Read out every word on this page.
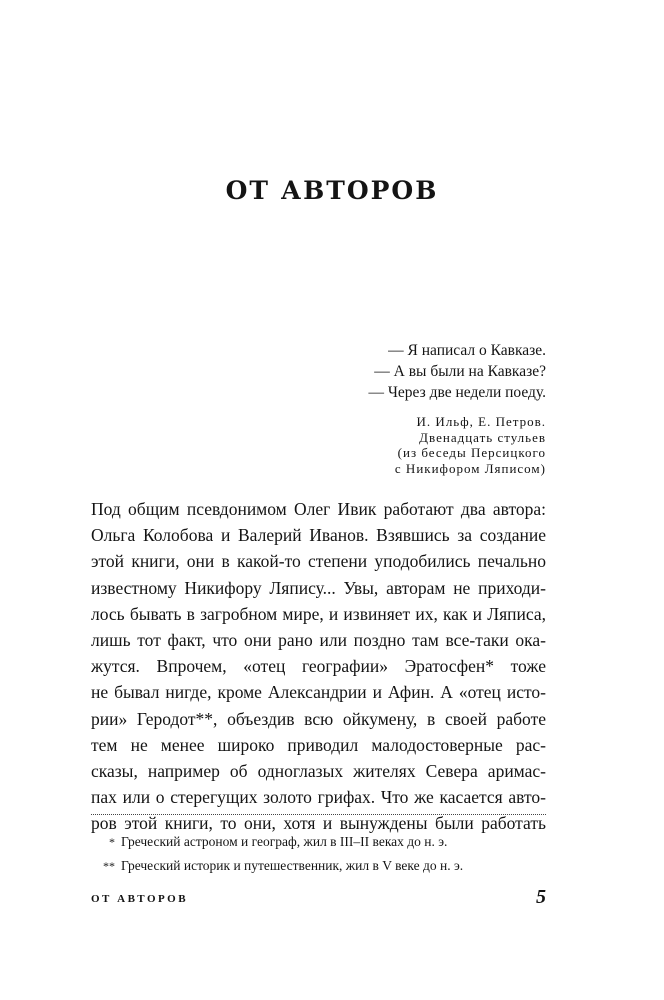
ОТ АВТОРОВ
— Я написал о Кавказе.
— А вы были на Кавказе?
— Через две недели поеду.
И. Ильф, Е. Петров.
Двенадцать стульев
(из беседы Персицкого
с Никифором Ляписом)
Под общим псевдонимом Олег Ивик работают два автора:
Ольга Колобова и Валерий Иванов. Взявшись за создание
этой книги, они в какой-то степени уподобились печально
известному Никифору Ляпису... Увы, авторам не приходи-
лось бывать в загробном мире, и извиняет их, как и Ляписа,
лишь тот факт, что они рано или поздно там все-таки ока-
жутся. Впрочем, «отец географии» Эратосфен* тоже
не бывал нигде, кроме Александрии и Афин. А «отец исто-
рии» Геродот**, объездив всю ойкумену, в своей работе
тем не менее широко приводил малодостоверные рас-
сказы, например об одноглазых жителях Севера аримас-
пах или о стерегущих золото грифах. Что же касается авто-
ров этой книги, то они, хотя и вынуждены были работать
* Греческий астроном и географ, жил в III–II веках до н. э.
** Греческий историк и путешественник, жил в V веке до н. э.
ОТ АВТОРОВ	5
